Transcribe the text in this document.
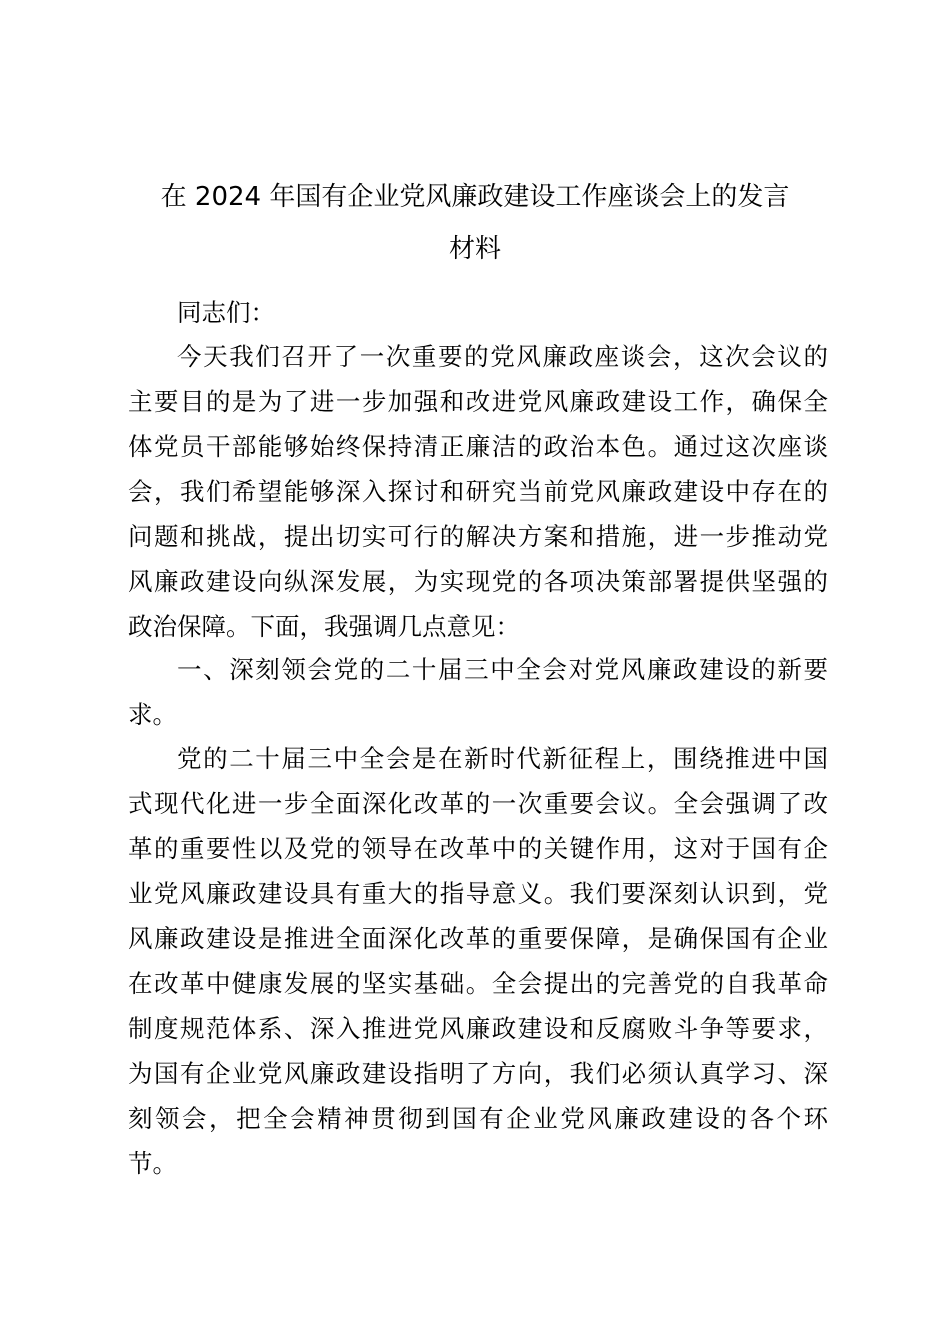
在 2024 年国有企业党风廉政建设工作座谈会上的发言
材料
同志们：
今天我们召开了一次重要的党风廉政座谈会，这次会议的
主要目的是为了进一步加强和改进党风廉政建设工作，确保全
体党员干部能够始终保持清正廉洁的政治本色。通过这次座谈
会，我们希望能够深入探讨和研究当前党风廉政建设中存在的
问题和挑战，提出切实可行的解决方案和措施，进一步推动党
风廉政建设向纵深发展，为实现党的各项决策部署提供坚强的
政治保障。下面，我强调几点意见：
一、深刻领会党的二十届三中全会对党风廉政建设的新要
求。
党的二十届三中全会是在新时代新征程上，围绕推进中国
式现代化进一步全面深化改革的一次重要会议。全会强调了改
革的重要性以及党的领导在改革中的关键作用，这对于国有企
业党风廉政建设具有重大的指导意义。我们要深刻认识到，党
风廉政建设是推进全面深化改革的重要保障，是确保国有企业
在改革中健康发展的坚实基础。全会提出的完善党的自我革命
制度规范体系、深入推进党风廉政建设和反腐败斗争等要求，
为国有企业党风廉政建设指明了方向，我们必须认真学习、深
刻领会，把全会精神贯彻到国有企业党风廉政建设的各个环
节。
